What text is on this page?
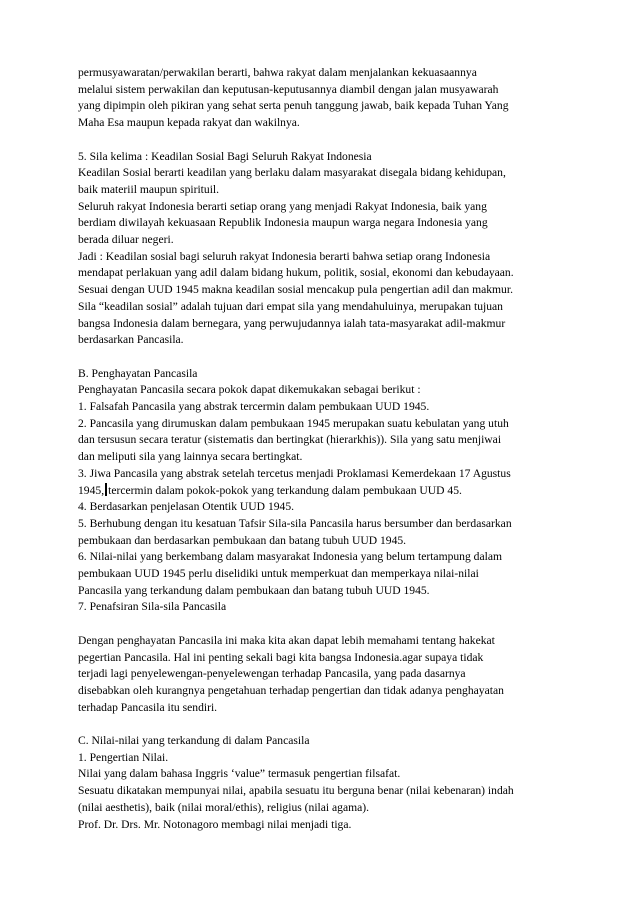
permusyawaratan/perwakilan berarti, bahwa rakyat dalam menjalankan kekuasaannya
melalui sistem perwakilan dan keputusan-keputusannya diambil dengan jalan musyawarah
yang dipimpin oleh pikiran yang sehat serta penuh tanggung jawab, baik kepada Tuhan Yang
Maha Esa maupun kepada rakyat dan wakilnya.
5. Sila kelima : Keadilan Sosial Bagi Seluruh Rakyat Indonesia
Keadilan Sosial berarti keadilan yang berlaku dalam masyarakat disegala bidang kehidupan,
baik materiil maupun spirituil.
Seluruh rakyat Indonesia berarti setiap orang yang menjadi Rakyat Indonesia, baik yang
berdiam diwilayah kekuasaan Republik Indonesia maupun warga negara Indonesia yang
berada diluar negeri.
Jadi : Keadilan sosial bagi seluruh rakyat Indonesia berarti bahwa setiap orang Indonesia
mendapat perlakuan yang adil dalam bidang hukum, politik, sosial, ekonomi dan kebudayaan.
Sesuai dengan UUD 1945 makna keadilan sosial mencakup pula pengertian adil dan makmur.
Sila “keadilan sosial” adalah tujuan dari empat sila yang mendahuluinya, merupakan tujuan
bangsa Indonesia dalam bernegara, yang perwujudannya ialah tata-masyarakat adil-makmur
berdasarkan Pancasila.
B. Penghayatan Pancasila
Penghayatan Pancasila secara pokok dapat dikemukakan sebagai berikut :
1. Falsafah Pancasila yang abstrak tercermin dalam pembukaan UUD 1945.
2. Pancasila yang dirumuskan dalam pembukaan 1945 merupakan suatu kebulatan yang utuh
dan tersusun secara teratur (sistematis dan bertingkat (hierarkhis)). Sila yang satu menjiwai
dan meliputi sila yang lainnya secara bertingkat.
3. Jiwa Pancasila yang abstrak setelah tercetus menjadi Proklamasi Kemerdekaan 17 Agustus
1945, tercermin dalam pokok-pokok yang terkandung dalam pembukaan UUD 45.
4. Berdasarkan penjelasan Otentik UUD 1945.
5. Berhubung dengan itu kesatuan Tafsir Sila-sila Pancasila harus bersumber dan berdasarkan
pembukaan dan berdasarkan pembukaan dan batang tubuh UUD 1945.
6. Nilai-nilai yang berkembang dalam masyarakat Indonesia yang belum tertampung dalam
pembukaan UUD 1945 perlu diselidiki untuk memperkuat dan memperkaya nilai-nilai
Pancasila yang terkandung dalam pembukaan dan batang tubuh UUD 1945.
7. Penafsiran Sila-sila Pancasila
Dengan penghayatan Pancasila ini maka kita akan dapat lebih memahami tentang hakekat
pegertian Pancasila. Hal ini penting sekali bagi kita bangsa Indonesia.agar supaya tidak
terjadi lagi penyelewengan-penyelewengan terhadap Pancasila, yang pada dasarnya
disebabkan oleh kurangnya pengetahuan terhadap pengertian dan tidak adanya penghayatan
terhadap Pancasila itu sendiri.
C. Nilai-nilai yang terkandung di dalam Pancasila
1. Pengertian Nilai.
Nilai yang dalam bahasa Inggris ‘value” termasuk pengertian filsafat.
Sesuatu dikatakan mempunyai nilai, apabila sesuatu itu berguna benar (nilai kebenaran) indah
(nilai aesthetis), baik (nilai moral/ethis), religius (nilai agama).
Prof. Dr. Drs. Mr. Notonagoro membagi nilai menjadi tiga.
